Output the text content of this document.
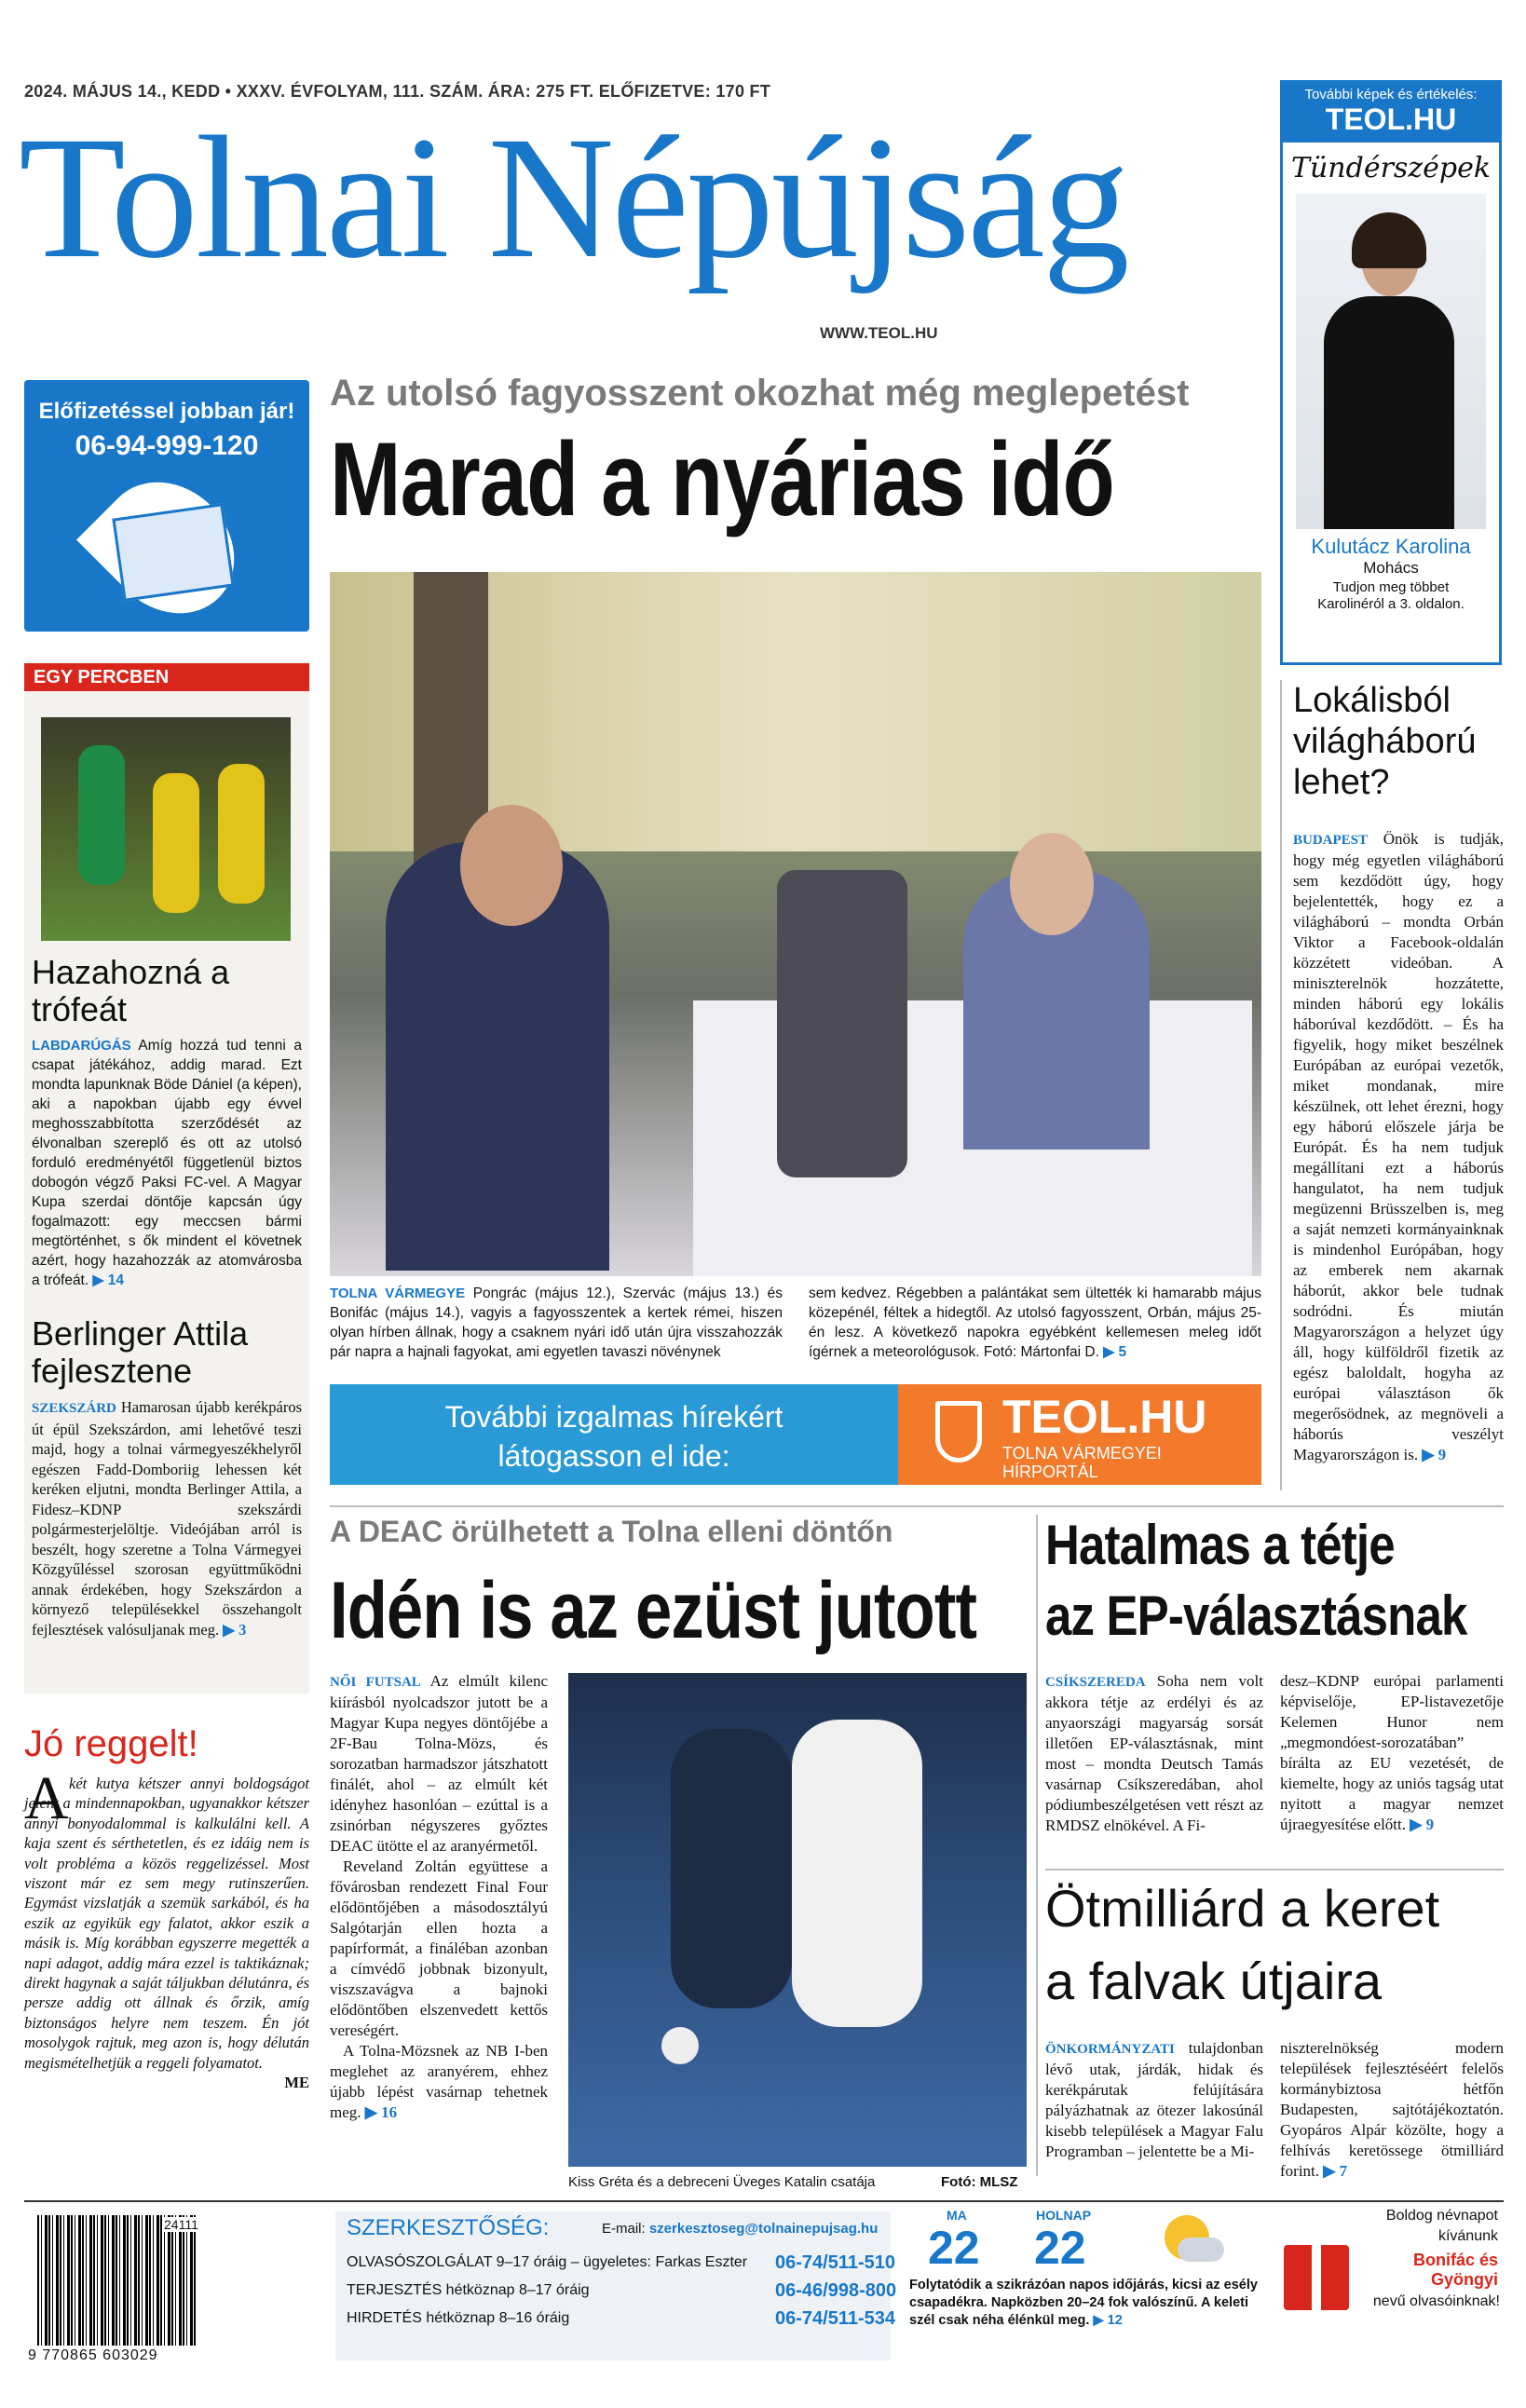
2024. MÁJUS 14., KEDD • XXXV. ÉVFOLYAM, 111. SZÁM. ÁRA: 275 FT. ELŐFIZETVE: 170 FT
Tolnai Népújság
WWW.TEOL.HU
További képek és értékelés:
TEOL.HU
Tündérszépek
Kulutácz Karolina
Mohács
Tudjon meg többet Karolinéról a 3. oldalon.
Előfizetéssel jobban jár!
06-94-999-120
Az utolsó fagyosszent okozhat még meglepetést
Marad a nyárias idő
TOLNA VÁRMEGYE Pongrác (május 12.), Szervác (május 13.) és Bonifác (május 14.), vagyis a fagyosszentek a kertek rémei, hiszen olyan hírben állnak, hogy a csaknem nyári idő után újra visszahozzák pár napra a hajnali fagyokat, ami egyetlen tavaszi növénynek
sem kedvez. Régebben a palántákat sem ültették ki hamarabb május közepénél, féltek a hidegtől. Az utolsó fagyosszent, Orbán, május 25-én lesz. A következő napokra egyébként kellemesen meleg időt ígérnek a meteorológusok. Fotó: Mártonfai D. ▶ 5
További izgalmas hírekért
látogasson el ide:
TEOL.HU
TOLNA VÁRMEGYEI
HÍRPORTÁL
EGY PERCBEN
Hazahozná a trófeát
LABDARÚGÁS Amíg hozzá tud tenni a csapat játékához, addig marad. Ezt mondta lapunknak Böde Dániel (a képen), aki a napokban újabb egy évvel meghosszabbította szerződését az élvonalban szereplő és ott az utolsó forduló eredményétől függetlenül biztos dobogón végző Paksi FC-vel. A Magyar Kupa szerdai döntője kapcsán úgy fogalmazott: egy meccsen bármi megtörténhet, s ők mindent el követnek azért, hogy hazahozzák az atomvárosba a trófeát. ▶ 14
Berlinger Attila fejlesztene
SZEKSZÁRD Hamarosan újabb kerékpáros út épül Szekszárdon, ami lehetővé teszi majd, hogy a tolnai vármegyeszékhelyről egészen Fadd-Domboriig lehessen két keréken eljutni, mondta Berlinger Attila, a Fidesz–KDNP szekszárdi polgármesterjelöltje. Videójában arról is beszélt, hogy szeretne a Tolna Vármegyei Közgyűléssel szorosan együttműködni annak érdekében, hogy Szekszárdon a környező településekkel összehangolt fejlesztések valósuljanak meg. ▶ 3
Lokálisból világháború lehet?
BUDAPEST Önök is tudják, hogy még egyetlen világháború sem kezdődött úgy, hogy bejelentették, hogy ez a világháború – mondta Orbán Viktor a Facebook-oldalán közzétett videóban. A miniszterelnök hozzátette, minden háború egy lokális háborúval kezdődött. – És ha figyelik, hogy miket beszélnek Európában az európai vezetők, miket mondanak, mire készülnek, ott lehet érezni, hogy egy háború előszele járja be Európát. És ha nem tudjuk megállítani ezt a háborús hangulatot, ha nem tudjuk megüzenni Brüsszelben is, meg a saját nemzeti kormányainknak is mindenhol Európában, hogy az emberek nem akarnak háborút, akkor bele tudnak sodródni. És miután Magyarországon a helyzet úgy áll, hogy külföldről fizetik az egész baloldalt, hogyha az európai választáson ők megerősödnek, az megnöveli a háborús veszélyt Magyarországon is. ▶ 9
A DEAC örülhetett a Tolna elleni döntőn
Idén is az ezüst jutott

NŐI FUTSAL Az elmúlt kilenc kiírásból nyolcadszor jutott be a Magyar Kupa negyes döntőjébe a 2F-Bau Tolna-Mözs, és sorozatban harmadszor játszhatott finálét, ahol – az elmúlt két idényhez hasonlóan – ezúttal is a zsinórban négyszeres győztes DEAC ütötte el az aranyérmetől.

Reveland Zoltán együttese a fővárosban rendezett Final Four elődöntőjében a másodosztályú Salgótarján ellen hozta a papírformát, a fináléban azonban a címvédő jobbnak bizonyult, viszszavágva a bajnoki elődöntőben elszenvedett kettős vereségért.

A Tolna-Mözsnek az NB I-ben meglehet az aranyérem, ehhez újabb lépést vasárnap tehetnek meg. ▶ 16

Kiss Gréta és a debreceni Üveges Katalin csatája	Fotó: MLSZ
Jó reggelt!
A két kutya kétszer annyi boldogságot jelent a mindennapokban, ugyanakkor kétszer annyi bonyodalommal is kalkulálni kell. A kaja szent és sérthetetlen, és ez idáig nem is volt probléma a közös reggelizéssel. Most viszont már ez sem megy rutinszerűen. Egymást vizslatják a szemük sarkából, és ha eszik az egyikük egy falatot, akkor eszik a másik is. Míg korábban egyszerre megették a napi adagot, addig mára ezzel is taktikáznak; direkt hagynak a saját táljukban délutánra, és persze addig ott állnak és őrzik, amíg biztonságos helyre nem teszem. Én jót mosolygok rajtuk, meg azon is, hogy délután megismételhetjük a reggeli folyamatot.
ME
Hatalmas a tétje
az EP-választásnak
CSÍKSZEREDA Soha nem volt akkora tétje az erdélyi és az anyaországi magyarság sorsát illetően EP-választásnak, mint most – mondta Deutsch Tamás vasárnap Csíkszeredában, ahol pódiumbeszélgetésen vett részt az RMDSZ elnökével. A Fi-
desz–KDNP európai parlamenti képviselője, EP-listavezetője Kelemen Hunor nem „megmondóest-sorozatában” bírálta az EU vezetését, de kiemelte, hogy az uniós tagság utat nyitott a magyar nemzet újraegyesítése előtt. ▶ 9
Ötmilliárd a keret
a falvak útjaira
ÖNKORMÁNYZATI tulajdonban lévő utak, járdák, hidak és kerékpárutak felújítására pályázhatnak az ötezer lakosúnál kisebb települések a Magyar Falu Programban – jelentette be a Mi-
niszterelnökség modern települések fejlesztéséért felelős kormánybiztosa hétfőn Budapesten, sajtótájékoztatón. Gyopáros Alpár közölte, hogy a felhívás keretössege ötmilliárd forint. ▶ 7
24111
9 770865 603029
SZERKESZTŐSÉG:	E-mail: szerkesztoseg@tolnainepujsag.hu
OLVASÓSZOLGÁLAT 9–17 óráig – ügyeletes: Farkas Eszter 06-74/511-510
TERJESZTÉS hétköznap 8–17 óráig	06-46/998-800
HIRDETÉS hétköznap 8–16 óráig	06-74/511-534
MA
22
HOLNAP
22
Folytatódik a szikrázóan napos időjárás, kicsi az esély csapadékra. Napközben 20–24 fok valószínű. A keleti szél csak néha élénkül meg. ▶ 12
Boldog névnapot
kívánunk
Bonifác és Gyöngyi
nevű olvasóinknak!
